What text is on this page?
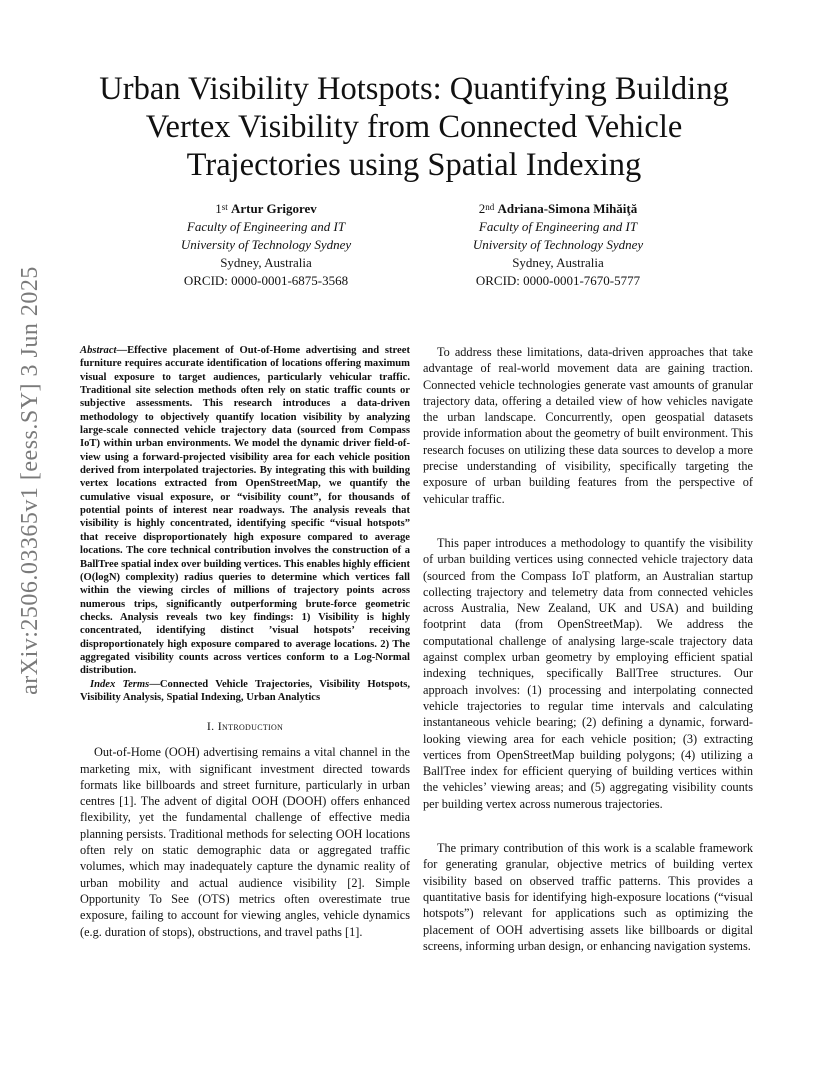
arXiv:2506.03365v1 [eess.SY] 3 Jun 2025
Urban Visibility Hotspots: Quantifying Building Vertex Visibility from Connected Vehicle Trajectories using Spatial Indexing
1st Artur Grigorev
Faculty of Engineering and IT
University of Technology Sydney
Sydney, Australia
ORCID: 0000-0001-6875-3568
2nd Adriana-Simona Mihăiţă
Faculty of Engineering and IT
University of Technology Sydney
Sydney, Australia
ORCID: 0000-0001-7670-5777

Abstract—Effective placement of Out-of-Home advertising and street furniture requires accurate identification of locations offering maximum visual exposure to target audiences, particularly vehicular traffic. Traditional site selection methods often rely on static traffic counts or subjective assessments. This research introduces a data-driven methodology to objectively quantify location visibility by analyzing large-scale connected vehicle trajectory data (sourced from Compass IoT) within urban environments. We model the dynamic driver field-of-view using a forward-projected visibility area for each vehicle position derived from interpolated trajectories. By integrating this with building vertex locations extracted from OpenStreetMap, we quantify the cumulative visual exposure, or “visibility count”, for thousands of potential points of interest near roadways. The analysis reveals that visibility is highly concentrated, identifying specific “visual hotspots” that receive disproportionately high exposure compared to average locations. The core technical contribution involves the construction of a BallTree spatial index over building vertices. This enables highly efficient (O(logN) complexity) radius queries to determine which vertices fall within the viewing circles of millions of trajectory points across numerous trips, significantly outperforming brute-force geometric checks. Analysis reveals two key findings: 1) Visibility is highly concentrated, identifying distinct ’visual hotspots’ receiving disproportionately high exposure compared to average locations. 2) The aggregated visibility counts across vertices conform to a Log-Normal distribution.

Index Terms—Connected Vehicle Trajectories, Visibility Hotspots, Visibility Analysis, Spatial Indexing, Urban Analytics

I. Introduction

Out-of-Home (OOH) advertising remains a vital channel in the marketing mix, with significant investment directed towards formats like billboards and street furniture, particularly in urban centres [1]. The advent of digital OOH (DOOH) offers enhanced flexibility, yet the fundamental challenge of effective media planning persists. Traditional methods for selecting OOH locations often rely on static demographic data or aggregated traffic volumes, which may inadequately capture the dynamic reality of urban mobility and actual audience visibility [2]. Simple Opportunity To See (OTS) metrics often overestimate true exposure, failing to account for viewing angles, vehicle dynamics (e.g. duration of stops), obstructions, and travel paths [1].

To address these limitations, data-driven approaches that take advantage of real-world movement data are gaining traction. Connected vehicle technologies generate vast amounts of granular trajectory data, offering a detailed view of how vehicles navigate the urban landscape. Concurrently, open geospatial datasets provide information about the geometry of built environment. This research focuses on utilizing these data sources to develop a more precise understanding of visibility, specifically targeting the exposure of urban building features from the perspective of vehicular traffic.

This paper introduces a methodology to quantify the visibility of urban building vertices using connected vehicle trajectory data (sourced from the Compass IoT platform, an Australian startup collecting trajectory and telemetry data from connected vehicles across Australia, New Zealand, UK and USA) and building footprint data (from OpenStreetMap). We address the computational challenge of analysing large-scale trajectory data against complex urban geometry by employing efficient spatial indexing techniques, specifically BallTree structures. Our approach involves: (1) processing and interpolating connected vehicle trajectories to regular time intervals and calculating instantaneous vehicle bearing; (2) defining a dynamic, forward-looking viewing area for each vehicle position; (3) extracting vertices from OpenStreetMap building polygons; (4) utilizing a BallTree index for efficient querying of building vertices within the vehicles’ viewing areas; and (5) aggregating visibility counts per building vertex across numerous trajectories.

The primary contribution of this work is a scalable framework for generating granular, objective metrics of building vertex visibility based on observed traffic patterns. This provides a quantitative basis for identifying high-exposure locations (“visual hotspots”) relevant for applications such as optimizing the placement of OOH advertising assets like billboards or digital screens, informing urban design, or enhancing navigation systems.
